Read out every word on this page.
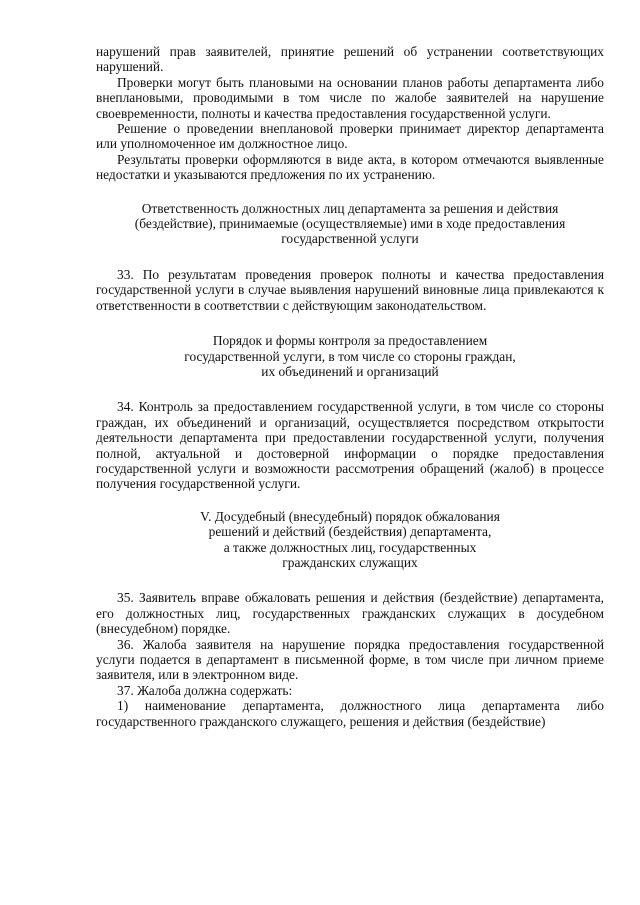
нарушений прав заявителей, принятие решений об устранении соответствующих нарушений.

Проверки могут быть плановыми на основании планов работы департамента либо внеплановыми, проводимыми в том числе по жалобе заявителей на нарушение своевременности, полноты и качества предоставления государственной услуги.

Решение о проведении внеплановой проверки принимает директор департамента или уполномоченное им должностное лицо.

Результаты проверки оформляются в виде акта, в котором отмечаются выявленные недостатки и указываются предложения по их устранению.

Ответственность должностных лиц департамента за решения и действия

(бездействие), принимаемые (осуществляемые) ими в ходе предоставления

государственной услуги

33. По результатам проведения проверок полноты и качества предоставления государственной услуги в случае выявления нарушений виновные лица привлекаются к ответственности в соответствии с действующим законодательством.

Порядок и формы контроля за предоставлением

государственной услуги, в том числе со стороны граждан,

их объединений и организаций

34. Контроль за предоставлением государственной услуги, в том числе со стороны граждан, их объединений и организаций, осуществляется посредством открытости деятельности департамента при предоставлении государственной услуги, получения полной, актуальной и достоверной информации о порядке предоставления государственной услуги и возможности рассмотрения обращений (жалоб) в процессе получения государственной услуги.

V. Досудебный (внесудебный) порядок обжалования

решений и действий (бездействия) департамента,

а также должностных лиц, государственных

гражданских служащих

35. Заявитель вправе обжаловать решения и действия (бездействие) департамента, его должностных лиц, государственных гражданских служащих в досудебном (внесудебном) порядке.

36. Жалоба заявителя на нарушение порядка предоставления государственной услуги подается в департамент в письменной форме, в том числе при личном приеме заявителя, или в электронном виде.

37. Жалоба должна содержать:

1) наименование департамента, должностного лица департамента либо государственного гражданского служащего, решения и действия (бездействие)
